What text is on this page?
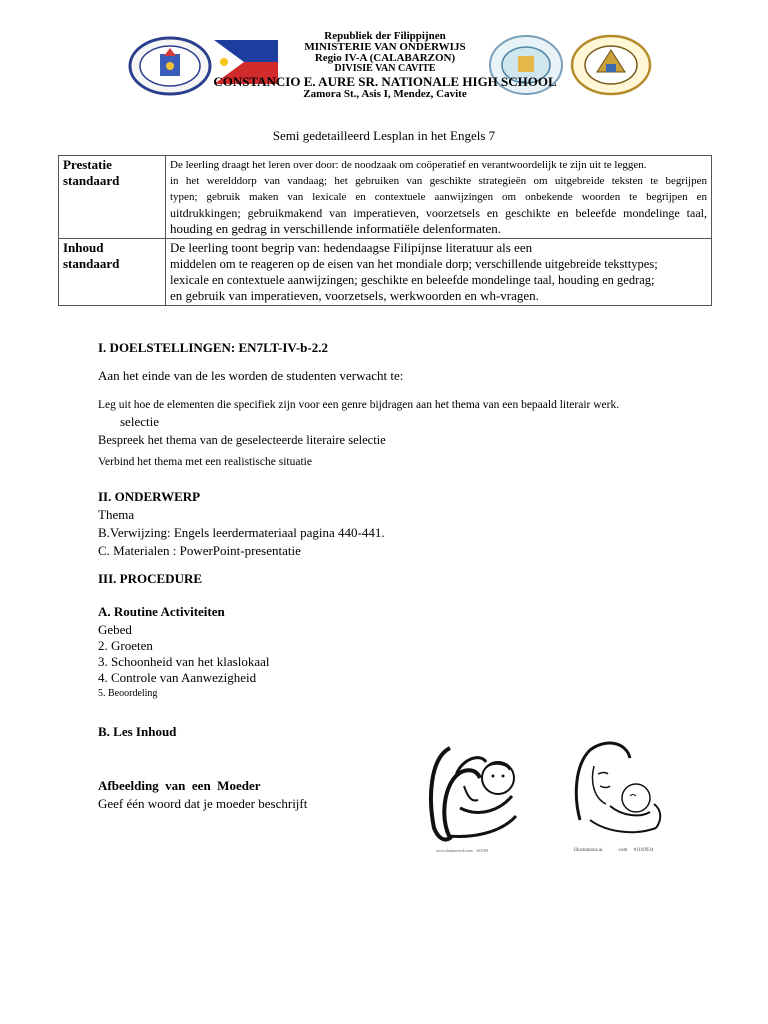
Republiek der Filippijnen
MINISTERIE VAN ONDERWIJS
Regio IV-A (CALABARZON)
DIVISIE VAN CAVITE
CONSTANCIO E. AURE SR. NATIONALE HIGH SCHOOL
Zamora St., Asis I, Mendez, Cavite
Semi gedetailleerd Lesplan in het Engels 7
Prestatie standaard	De leerling draagt het leren over door: de noodzaak om coöperatief en verantwoordelijk te zijn uit te leggen.
in het werelddorp van vandaag; het gebruiken van geschikte strategieën om uitgebreide teksten te begrijpen
typen; gebruik maken van lexicale en contextuele aanwijzingen om onbekende woorden te begrijpen en
uitdrukkingen; gebruikmakend van imperatieven, voorzetsels en geschikte en beleefde mondelinge taal,
houding en gedrag in verschillende informatiële delenformaten.

Inhoud standaard	De leerling toont begrip van: hedendaagse Filipijnse literatuur als een
middelen om te reageren op de eisen van het mondiale dorp; verschillende uitgebreide teksttypes;
lexicale en contextuele aanwijzingen; geschikte en beleefde mondelinge taal, houding en gedrag;
en gebruik van imperatieven, voorzetsels, werkwoorden en wh-vragen.
I. DOELSTELLINGEN: EN7LT-IV-b-2.2
Aan het einde van de les worden de studenten verwacht te:
Leg uit hoe de elementen die specifiek zijn voor een genre bijdragen aan het thema van een bepaald literair werk.
selectie
Bespreek het thema van de geselecteerde literaire selectie
Verbind het thema met een realistische situatie
II. ONDERWERP
Thema
B.Verwijzing: Engels leerdermateriaal pagina 440-441.
C. Materialen : PowerPoint-presentatie
III. PROCEDURE
A. Routine Activiteiten
Gebed
2. Groeten
3. Schoonheid van het klaslokaal
4. Controle van Aanwezigheid
5. Beoordeling
B. Les Inhoud
Afbeelding  van  een  Moeder
Geef één woord dat je moeder beschrijft
www.shutterstock.com · 163769	illustrations.ai            .com     #1169934
